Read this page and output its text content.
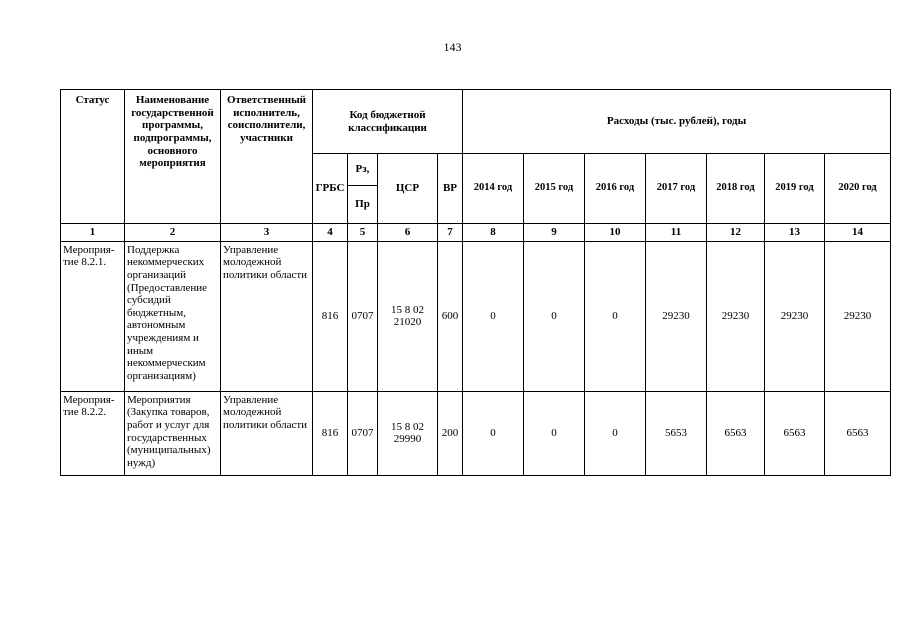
143
Статус	Наименование государственной программы, подпрограммы, основного мероприятия	Ответственный исполнитель, соисполнители, участники	Код бюджетной классификации				Расходы (тыс. рублей), годы						
			ГРБС	Рз,	ЦСР	ВР	2014 год	2015 год	2016 год	2017 год	2018 год	2019 год	2020 год
				Пр									
1	2	3	4	5	6	7	8	9	10	11	12	13	14
Мероприя-тие 8.2.1.	Поддержка некоммерческих организаций (Предоставление субсидий бюджетным, автономным учреждениям и иным некоммерческим организациям)	Управление молодежной политики области	816	0707	15 8 02 21020	600	0	0	0	29230	29230	29230	29230
Мероприя-тие 8.2.2.	Мероприятия (Закупка товаров, работ и услуг для государственных (муниципальных) нужд)	Управление молодежной политики области	816	0707	15 8 02 29990	200	0	0	0	5653	6563	6563	6563
